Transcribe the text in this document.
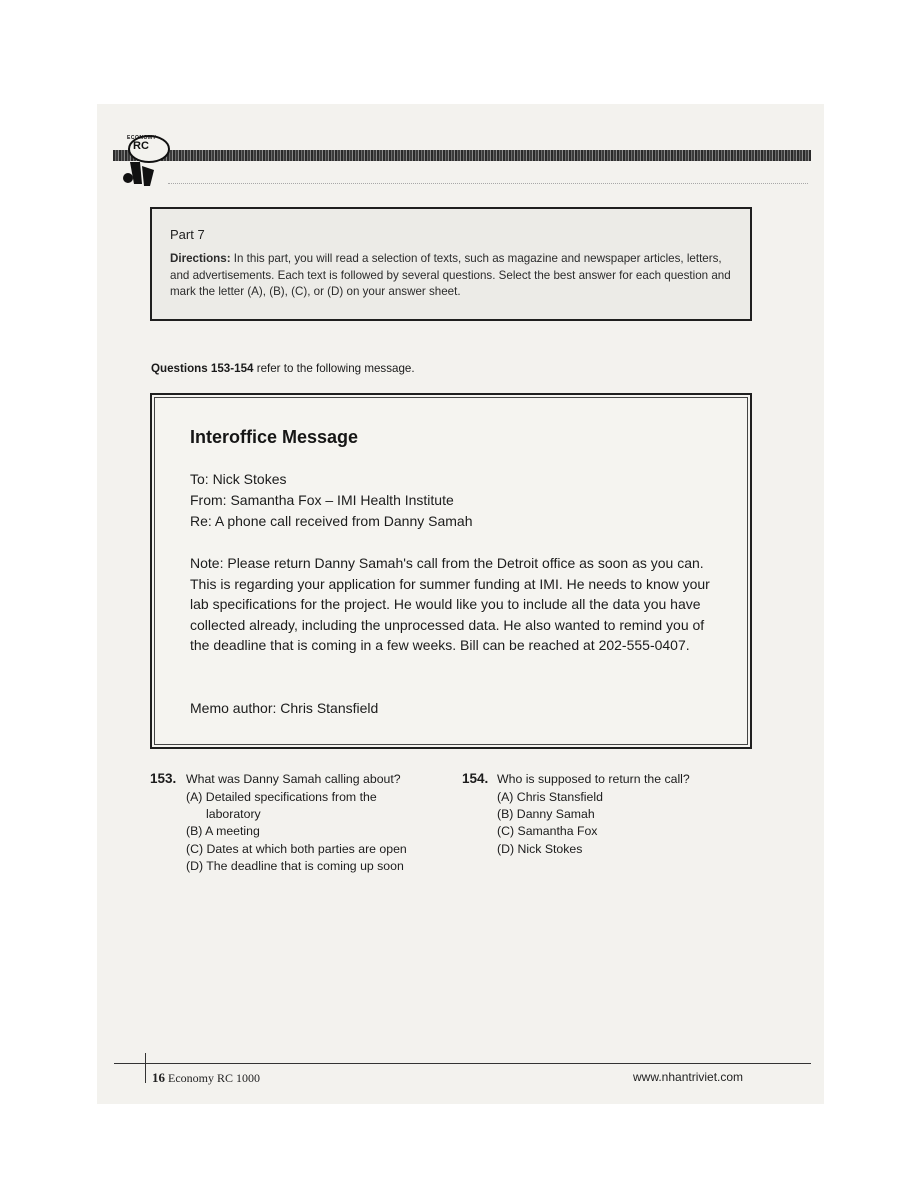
ECONOMY
RC
Part 7
Directions: In this part, you will read a selection of texts, such as magazine and newspaper articles, letters, and advertisements. Each text is followed by several questions. Select the best answer for each question and mark the letter (A), (B), (C), or (D) on your answer sheet.
Questions 153-154 refer to the following message.
Interoffice Message
To: Nick Stokes
From: Samantha Fox – IMI Health Institute
Re: A phone call received from Danny Samah
Note: Please return Danny Samah's call from the Detroit office as soon as you can. This is regarding your application for summer funding at IMI. He needs to know your lab specifications for the project. He would like you to include all the data you have collected already, including the unprocessed data. He also wanted to remind you of the deadline that is coming in a few weeks. Bill can be reached at 202-555-0407.
Memo author: Chris Stansfield
153. What was Danny Samah calling about?
(A) Detailed specifications from the
laboratory
(B) A meeting
(C) Dates at which both parties are open
(D) The deadline that is coming up soon
154. Who is supposed to return the call?
(A) Chris Stansfield
(B) Danny Samah
(C) Samantha Fox
(D) Nick Stokes
16 Economy RC 1000	www.nhantriviet.com
